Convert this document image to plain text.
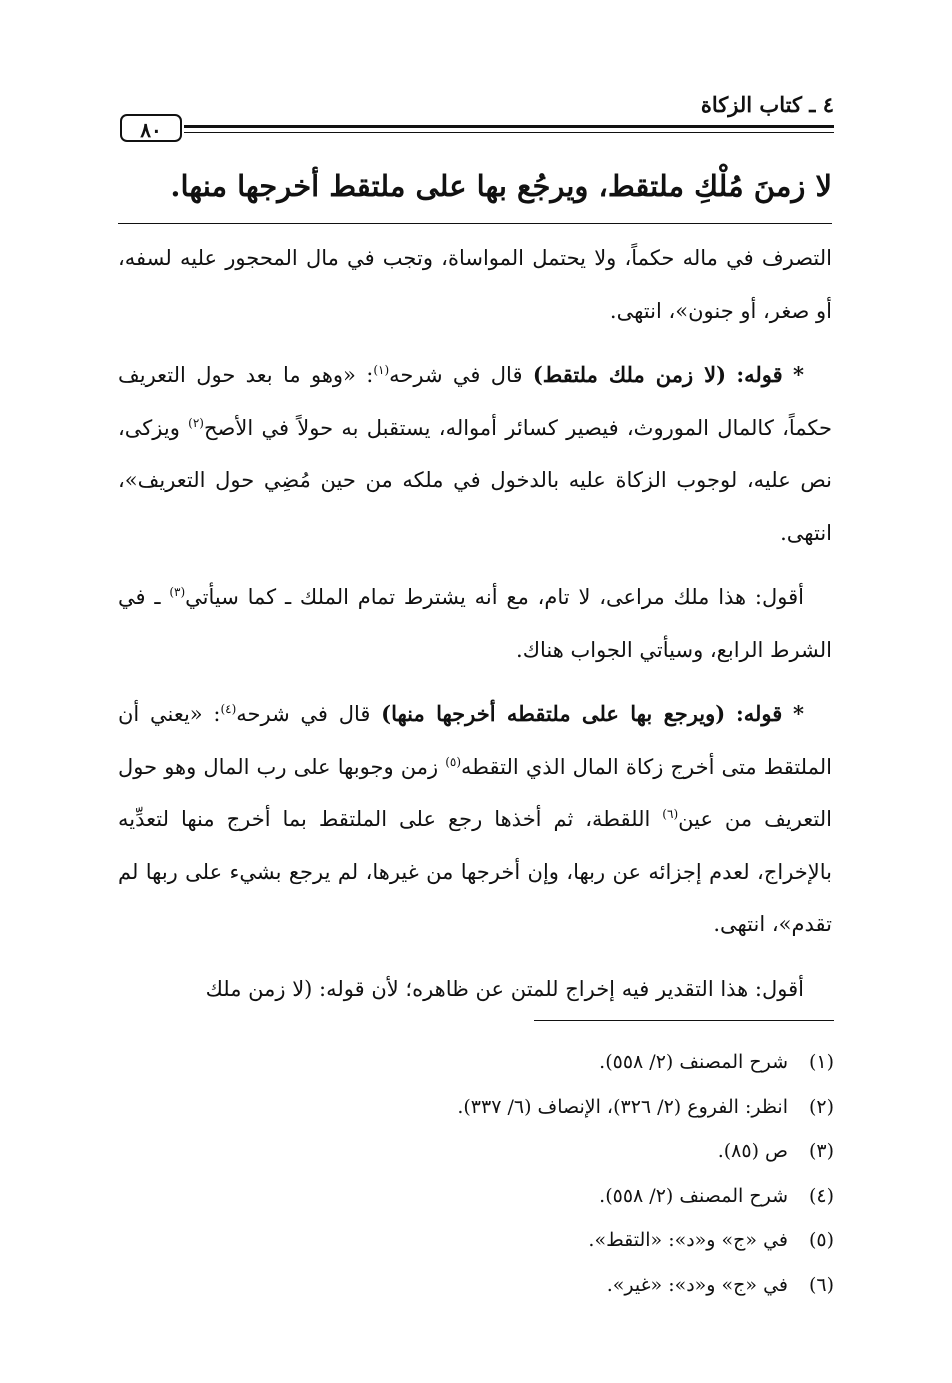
٤ ـ كتاب الزكاة
٨٠
لا زمنَ مُلْكِ ملتقط، ويرجُع بها على ملتقط أخرجها منها.

التصرف في ماله حكماً، ولا يحتمل المواساة، وتجب في مال المحجور عليه لسفه، أو صغر، أو جنون»، انتهى.

* قوله: (لا زمن ملك ملتقط) قال في شرحه$^{(١)}$: «وهو ما بعد حول التعريف حكماً، كالمال الموروث، فيصير كسائر أمواله، يستقبل به حولاً في الأصح$^{(٢)}$ ويزكى، نص عليه، لوجوب الزكاة عليه بالدخول في ملكه من حين مُضِي حول التعريف»، انتهى.

أقول: هذا ملك مراعى، لا تام، مع أنه يشترط تمام الملك ـ كما سيأتي$^{(٣)}$ ـ في الشرط الرابع، وسيأتي الجواب هناك.

* قوله: (ويرجع بها على ملتقطه أخرجها منها) قال في شرحه$^{(٤)}$: «يعني أن الملتقط متى أخرج زكاة المال الذي التقطه$^{(٥)}$ زمن وجوبها على رب المال وهو حول التعريف من عين$^{(٦)}$ اللقطة، ثم أخذها رجع على الملتقط بما أخرج منها لتعدِّيه بالإخراج، لعدم إجزائه عن ربها، وإن أخرجها من غيرها، لم يرجع بشيء على ربها لم تقدم»، انتهى.

أقول: هذا التقدير فيه إخراج للمتن عن ظاهره؛ لأن قوله: (لا زمن ملك

(١)شرح المصنف (٢/ ٥٥٨).
(٢)انظر: الفروع (٢/ ٣٢٦)، الإنصاف (٦/ ٣٣٧).
(٣)ص (٨٥).
(٤)شرح المصنف (٢/ ٥٥٨).
(٥)في «ج» و«د»: «التقط».
(٦)في «ج» و«د»: «غير».
